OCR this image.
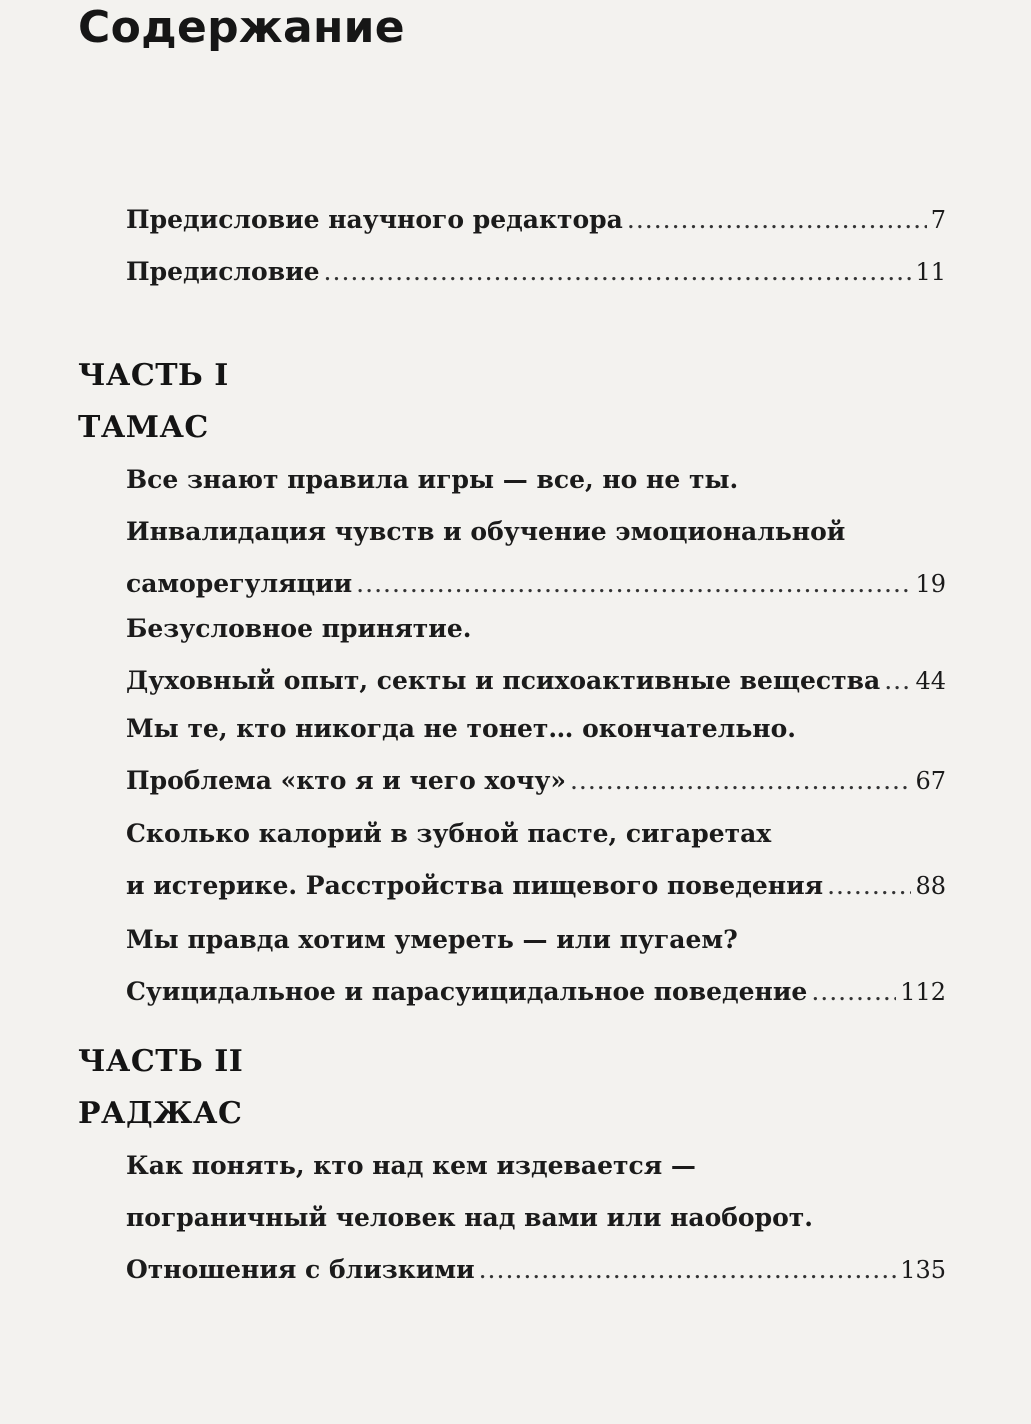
Содержание
Предисловие научного редактора .....	7
Предисловие .....	11
ЧАСТЬ I
ТАМАС
Все знают правила игры — все, но не ты.
Инвалидация чувств и обучение эмоциональной
саморегуляции .....	19
Безусловное принятие.
Духовный опыт, секты и психоактивные вещества ..... 44
Мы те, кто никогда не тонет… окончательно.
Проблема «кто я и чего хочу» .....	67
Сколько калорий в зубной пасте, сигаретах
и истерике. Расстройства пищевого поведения .....	88
Мы правда хотим умереть — или пугаем?
Суицидальное и парасуицидальное поведение .....	112
ЧАСТЬ II
РАДЖАС
Как понять, кто над кем издевается —
пограничный человек над вами или наоборот.
Отношения с близкими .....	135
